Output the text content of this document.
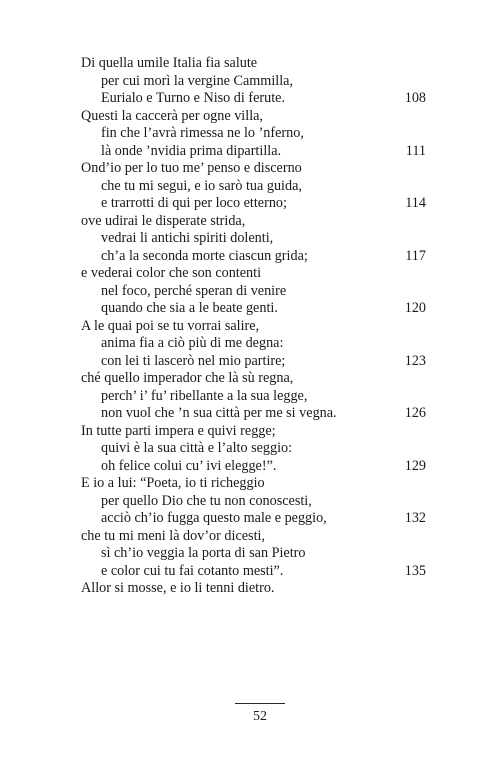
Di quella umile Italia fia salute
per cui morì la vergine Cammilla,
Eurialo e Turno e Niso di ferute.	108
Questi la caccerà per ogne villa,
fin che l’avrà rimessa ne lo ’nferno,
là onde ’nvidia prima dipartilla.	111
Ond’io per lo tuo me’ penso e discerno
che tu mi segui, e io sarò tua guida,
e trarrotti di qui per loco etterno;	114
ove udirai le disperate strida,
vedrai li antichi spiriti dolenti,
ch’a la seconda morte ciascun grida;	117
e vederai color che son contenti
nel foco, perché speran di venire
quando che sia a le beate genti.	120
A le quai poi se tu vorrai salire,
anima fia a ciò più di me degna:
con lei ti lascerò nel mio partire;	123
ché quello imperador che là sù regna,
perch’ i’ fu’ ribellante a la sua legge,
non vuol che ’n sua città per me si vegna.	126
In tutte parti impera e quivi regge;
quivi è la sua città e l’alto seggio:
oh felice colui cu’ ivi elegge!”.	129
E io a lui: “Poeta, io ti richeggio
per quello Dio che tu non conoscesti,
acciò ch’io fugga questo male e peggio,	132
che tu mi meni là dov’or dicesti,
sì ch’io veggia la porta di san Pietro
e color cui tu fai cotanto mesti”.	135
Allor si mosse, e io li tenni dietro.
52
